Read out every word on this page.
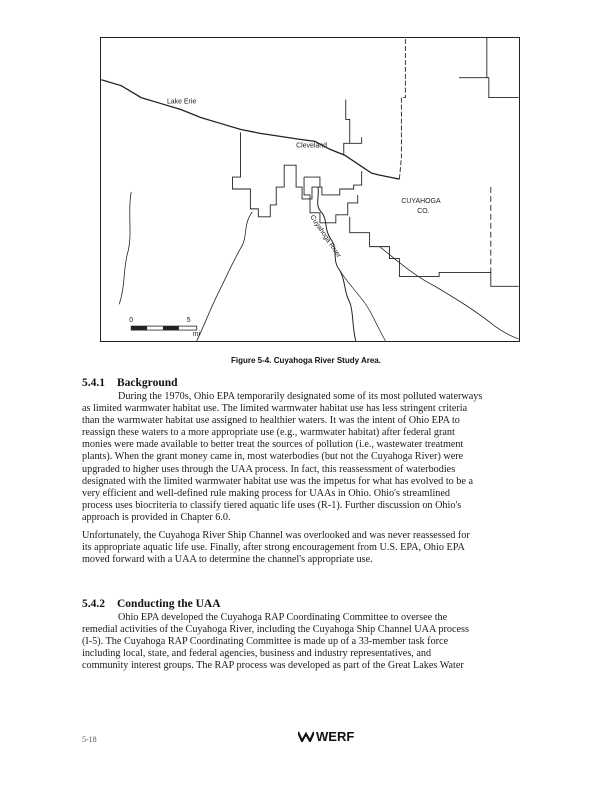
5
mi
0
Lake Erie
Cleveland
CUYAHOGA
CO.
Cuyahoga River
Figure 5-4. Cuyahoga River Study Area.
5.4.1 Background
During the 1970s, Ohio EPA temporarily designated some of its most polluted waterways
as limited warmwater habitat use. The limited warmwater habitat use has less stringent criteria
than the warmwater habitat use assigned to healthier waters. It was the intent of Ohio EPA to
reassign these waters to a more appropriate use (e.g., warmwater habitat) after federal grant
monies were made available to better treat the sources of pollution (i.e., wastewater treatment
plants). When the grant money came in, most waterbodies (but not the Cuyahoga River) were
upgraded to higher uses through the UAA process. In fact, this reassessment of waterbodies
designated with the limited warmwater habitat use was the impetus for what has evolved to be a
very efficient and well-defined rule making process for UAAs in Ohio. Ohio's streamlined
process uses biocriteria to classify tiered aquatic life uses (R-1). Further discussion on Ohio's
approach is provided in Chapter 6.0.
Unfortunately, the Cuyahoga River Ship Channel was overlooked and was never reassessed for
its appropriate aquatic life use. Finally, after strong encouragement from U.S. EPA, Ohio EPA
moved forward with a UAA to determine the channel's appropriate use.
5.4.2 Conducting the UAA
Ohio EPA developed the Cuyahoga RAP Coordinating Committee to oversee the
remedial activities of the Cuyahoga River, including the Cuyahoga Ship Channel UAA process
(I-5). The Cuyahoga RAP Coordinating Committee is made up of a 33-member task force
including local, state, and federal agencies, business and industry representatives, and
community interest groups. The RAP process was developed as part of the Great Lakes Water
5-18	WERF
